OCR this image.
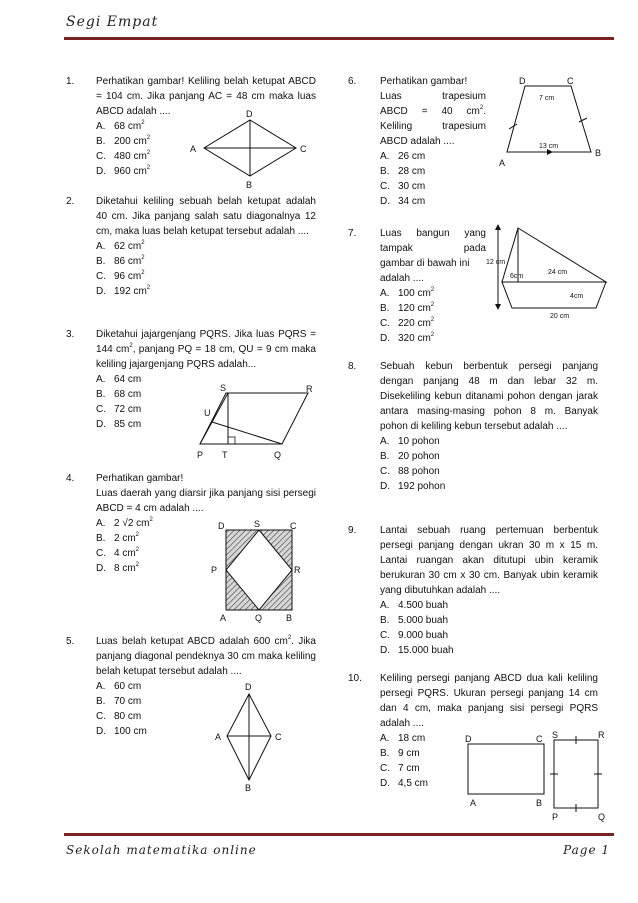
Segi Empat
1. Perhatikan gambar! Keliling belah ketupat ABCD = 104 cm. Jika panjang AC = 48 cm maka luas ABCD adalah ....
A. 68 cm 2
B. 200 cm 2
C. 480 cm 2
D. 960 cm 2
D
A	C
B
2. Diketahui keliling sebuah belah ketupat adalah 40 cm. Jika panjang salah satu diagonalnya 12 cm, maka luas belah ketupat tersebut adalah ....
A. 62 cm 2
B. 86 cm 2
C. 96 cm 2
D. 192 cm 2
3. Diketahui jajargenjang PQRS. Jika luas PQRS = 144 $cm^2$, panjang PQ = 18 cm, QU = 9 cm maka keliling jajargenjang PQRS adalah...
A. 64 cm
B. 68 cm
C. 72 cm
D. 85 cm
S	R
U
P T	Q
4. Perhatikan gambar!
Luas daerah yang diarsir jika panjang sisi persegi ABCD = 4 cm adalah ....
A. 2 √2 cm 2
B. 2 cm 2
C. 4 cm 2
D. 8 cm 2
D	S	C
P	R
A	Q	B
5. Luas belah ketupat ABCD adalah 600 $cm^2$. Jika panjang diagonal pendeknya 30 cm maka keliling belah ketupat tersebut adalah ....
A. 60 cm
B. 70 cm
C. 80 cm
D. 100 cm
D
A	C
B
6. Perhatikan gambar!
Luas	trapesium
ABCD = 40 $cm^2$.
Keliling	trapesium
ABCD adalah ....
A. 26 cm
B. 28 cm
C. 30 cm
D. 34 cm
D	C
A
B
7 cm
13 cm
7. Luas bangun yang
tampak	pada
gambar di bawah ini
adalah ....
A. 100 cm 2
B. 120 cm 2
C. 220 cm 2
D. 320 cm 2
12 cm
6cm
24 cm
4cm
20 cm
8. Sebuah kebun berbentuk persegi panjang dengan panjang 48 m dan lebar 32 m. Disekeliling kebun ditanami pohon dengan jarak antara masing-masing pohon 8 m. Banyak pohon di keliling kebun tersebut adalah ....
A. 10 pohon
B. 20 pohon
C. 88 pohon
D. 192 pohon
9. Lantai sebuah ruang pertemuan berbentuk persegi panjang dengan ukran 30 m x 15 m. Lantai ruangan akan ditutupi ubin keramik berukuran 30 cm x 30 cm. Banyak ubin keramik yang dibutuhkan adalah ....
A. 4.500 buah
B. 5.000 buah
C. 9.000 buah
D. 15.000 buah
10. Keliling persegi panjang ABCD dua kali keliling persegi PQRS. Ukuran persegi panjang 14 cm dan 4 cm, maka panjang sisi persegi PQRS adalah ....
A. 18 cm
B. 9 cm
C. 7 cm
D. 4,5 cm
D	C
A	B
S	R
P	Q
Sekolah matematika online	Page 1
